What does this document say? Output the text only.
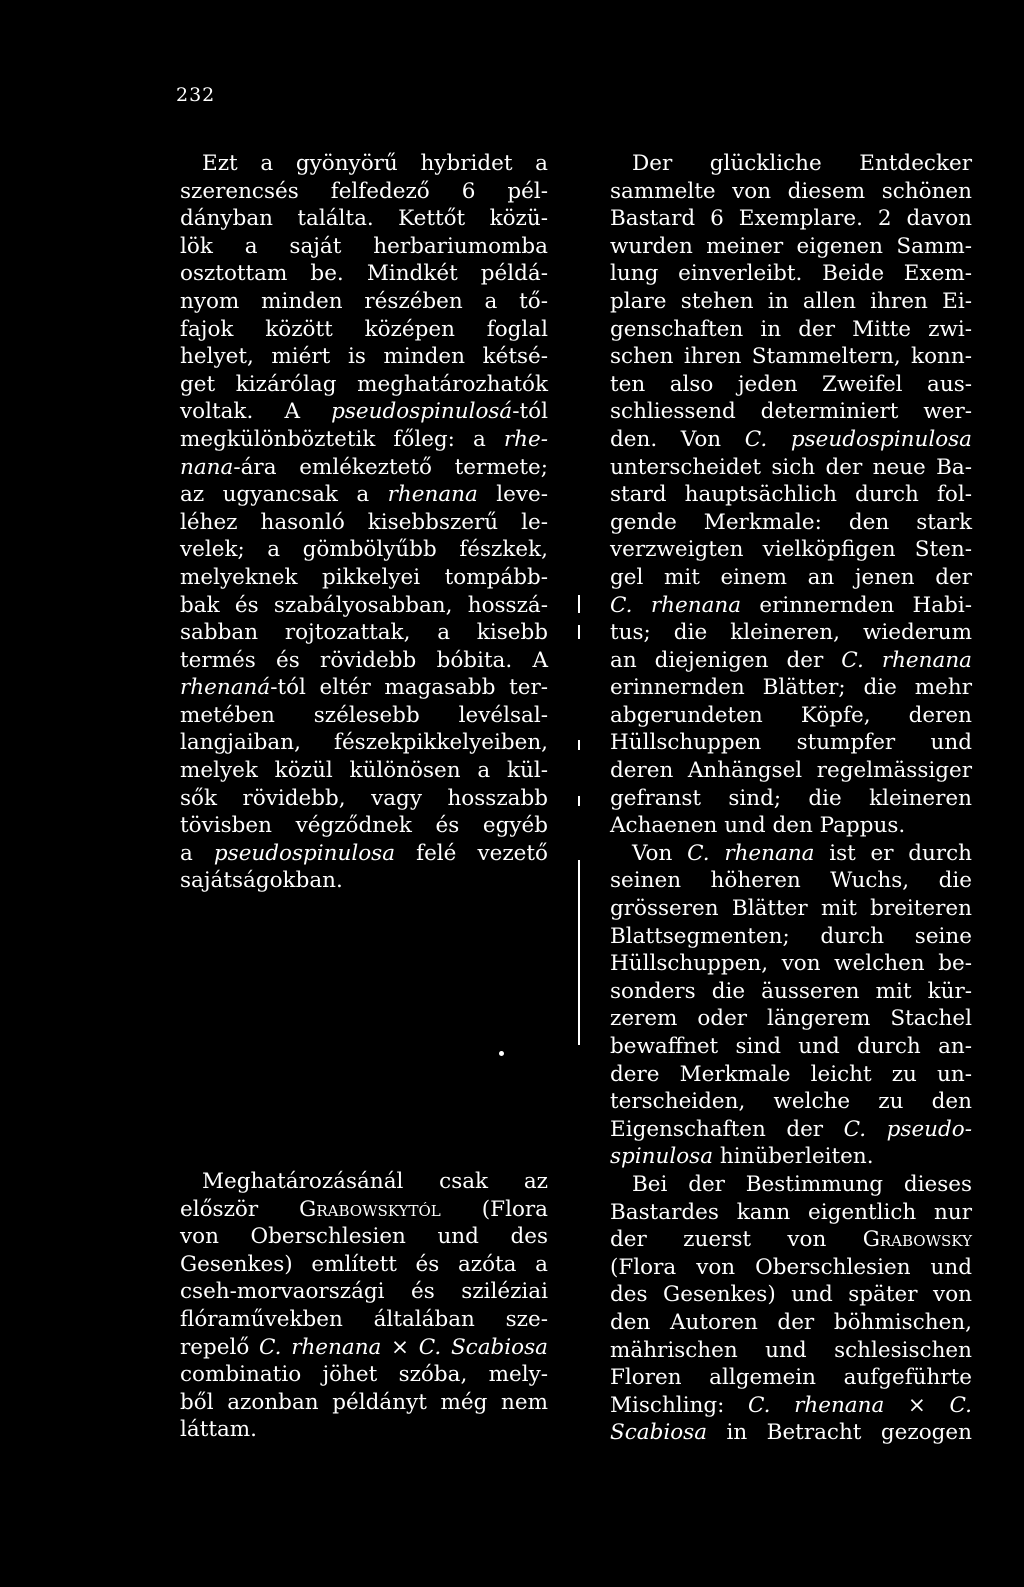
232
Ezt a gyönyörű hybridet a
szerencsés felfedező 6 pél-
dányban találta. Kettőt közü-
lök a saját herbariumomba
osztottam be. Mindkét példá-
nyom minden részében a tő-
fajok között középen foglal
helyet, miért is minden kétsé-
get kizárólag meghatározhatók
voltak. A pseudospinulosá-tól
megkülönböztetik főleg: a rhe-
nana-ára emlékeztető termete;
az ugyancsak a rhenana leve-
léhez hasonló kisebbszerű le-
velek; a gömbölyűbb fészkek,
melyeknek pikkelyei tompább-
bak és szabályosabban, hosszá-
sabban rojtozattak, a kisebb
termés és rövidebb bóbita. A
rhenaná-tól eltér magasabb ter-
metében szélesebb levélsal-
langjaiban, fészekpikkelyeiben,
melyek közül különösen a kül-
sők rövidebb, vagy hosszabb
tövisben végződnek és egyéb
a pseudospinulosa felé vezető
sajátságokban.
Meghatározásánál csak az
először Grabowskytól (Flora
von Oberschlesien und des
Gesenkes) említett és azóta a
cseh-morvaországi és sziléziai
flóraművekben általában sze-
repelő C. rhenana × C. Scabiosa
combinatio jöhet szóba, mely-
ből azonban példányt még nem
láttam.
Der glückliche Entdecker
sammelte von diesem schönen
Bastard 6 Exemplare. 2 davon
wurden meiner eigenen Samm-
lung einverleibt. Beide Exem-
plare stehen in allen ihren Ei-
genschaften in der Mitte zwi-
schen ihren Stammeltern, konn-
ten also jeden Zweifel aus-
schliessend determiniert wer-
den. Von C. pseudospinulosa
unterscheidet sich der neue Ba-
stard hauptsächlich durch fol-
gende Merkmale: den stark
verzweigten vielköpfigen Sten-
gel mit einem an jenen der
C. rhenana erinnernden Habi-
tus; die kleineren, wiederum
an diejenigen der C. rhenana
erinnernden Blätter; die mehr
abgerundeten Köpfe, deren
Hüllschuppen stumpfer und
deren Anhängsel regelmässiger
gefranst sind; die kleineren
Achaenen und den Pappus.
Von C. rhenana ist er durch
seinen höheren Wuchs, die
grösseren Blätter mit breiteren
Blattsegmenten; durch seine
Hüllschuppen, von welchen be-
sonders die äusseren mit kür-
zerem oder längerem Stachel
bewaffnet sind und durch an-
dere Merkmale leicht zu un-
terscheiden, welche zu den
Eigenschaften der C. pseudo-
spinulosa hinüberleiten.
Bei der Bestimmung dieses
Bastardes kann eigentlich nur
der zuerst von Grabowsky
(Flora von Oberschlesien und
des Gesenkes) und später von
den Autoren der böhmischen,
mährischen und schlesischen
Floren allgemein aufgeführte
Mischling: C. rhenana × C.
Scabiosa in Betracht gezogen
